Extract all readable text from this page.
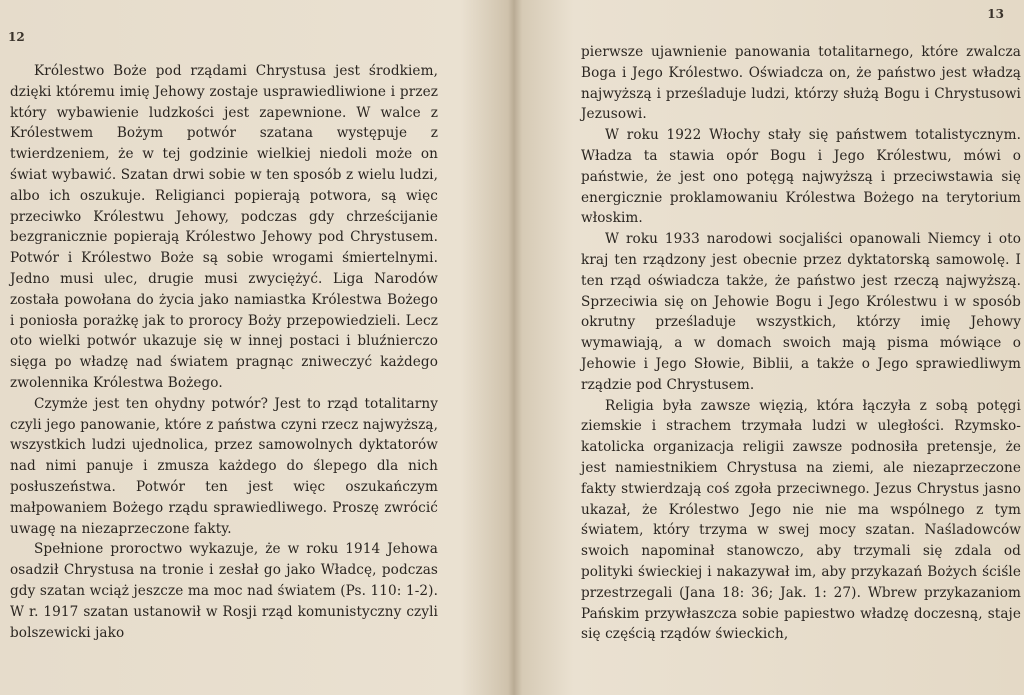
12

Królestwo Boże pod rządami Chrystusa jest środkiem, dzięki któremu imię Jehowy zostaje usprawiedliwione i przez który wybawienie ludzkości jest zapewnione. W walce z Królestwem Bożym potwór szatana występuje z twierdzeniem, że w tej godzinie wielkiej niedoli może on świat wybawić. Szatan drwi sobie w ten sposób z wielu ludzi, albo ich oszukuje. Religianci popierają potwora, są więc przeciwko Królestwu Jehowy, podczas gdy chrześcijanie bezgranicznie popierają Królestwo Jehowy pod Chrystusem. Potwór i Królestwo Boże są sobie wrogami śmiertelnymi. Jedno musi ulec, drugie musi zwyciężyć. Liga Narodów została powołana do życia jako namiastka Królestwa Bożego i poniosła porażkę jak to prorocy Boży przepowiedzieli. Lecz oto wielki potwór ukazuje się w innej postaci i bluźnierczo sięga po władzę nad światem pragnąc zniweczyć każdego zwolennika Królestwa Bożego.

Czymże jest ten ohydny potwór? Jest to rząd totalitarny czyli jego panowanie, które z państwa czyni rzecz najwyższą, wszystkich ludzi ujednolica, przez samowolnych dyktatorów nad nimi panuje i zmusza każdego do ślepego dla nich posłuszeństwa. Potwór ten jest więc oszukańczym małpowaniem Bożego rządu sprawiedliwego. Proszę zwrócić uwagę na niezaprzeczone fakty.

Spełnione proroctwo wykazuje, że w roku 1914 Jehowa osadził Chrystusa na tronie i zesłał go jako Władcę, podczas gdy szatan wciąż jeszcze ma moc nad światem (Ps. 110: 1-2). W r. 1917 szatan ustanowił w Rosji rząd komunistyczny czyli bolszewicki jako

13

pierwsze ujawnienie panowania totalitarnego, które zwalcza Boga i Jego Królestwo. Oświadcza on, że państwo jest władzą najwyższą i prześladuje ludzi, którzy służą Bogu i Chrystusowi Jezusowi.

W roku 1922 Włochy stały się państwem totalistycznym. Władza ta stawia opór Bogu i Jego Królestwu, mówi o państwie, że jest ono potęgą najwyższą i przeciwstawia się energicznie proklamowaniu Królestwa Bożego na terytorium włoskim.

W roku 1933 narodowi socjaliści opanowali Niemcy i oto kraj ten rządzony jest obecnie przez dyktatorską samowolę. I ten rząd oświadcza także, że państwo jest rzeczą najwyższą. Sprzeciwia się on Jehowie Bogu i Jego Królestwu i w sposób okrutny prześladuje wszystkich, którzy imię Jehowy wymawiają, a w domach swoich mają pisma mówiące o Jehowie i Jego Słowie, Biblii, a także o Jego sprawiedliwym rządzie pod Chrystusem.

Religia była zawsze więzią, która łączyła z sobą potęgi ziemskie i strachem trzymała ludzi w uległości. Rzymsko-katolicka organizacja religii zawsze podnosiła pretensje, że jest namiestnikiem Chrystusa na ziemi, ale niezaprzeczone fakty stwierdzają coś zgoła przeciwnego. Jezus Chrystus jasno ukazał, że Królestwo Jego nie nie ma wspólnego z tym światem, który trzyma w swej mocy szatan. Naśladowców swoich napominał stanowczo, aby trzymali się zdala od polityki świeckiej i nakazywał im, aby przykazań Bożych ściśle przestrzegali (Jana 18: 36; Jak. 1: 27). Wbrew przykazaniom Pańskim przywłaszcza sobie papiestwo władzę doczesną, staje się częścią rządów świeckich,
